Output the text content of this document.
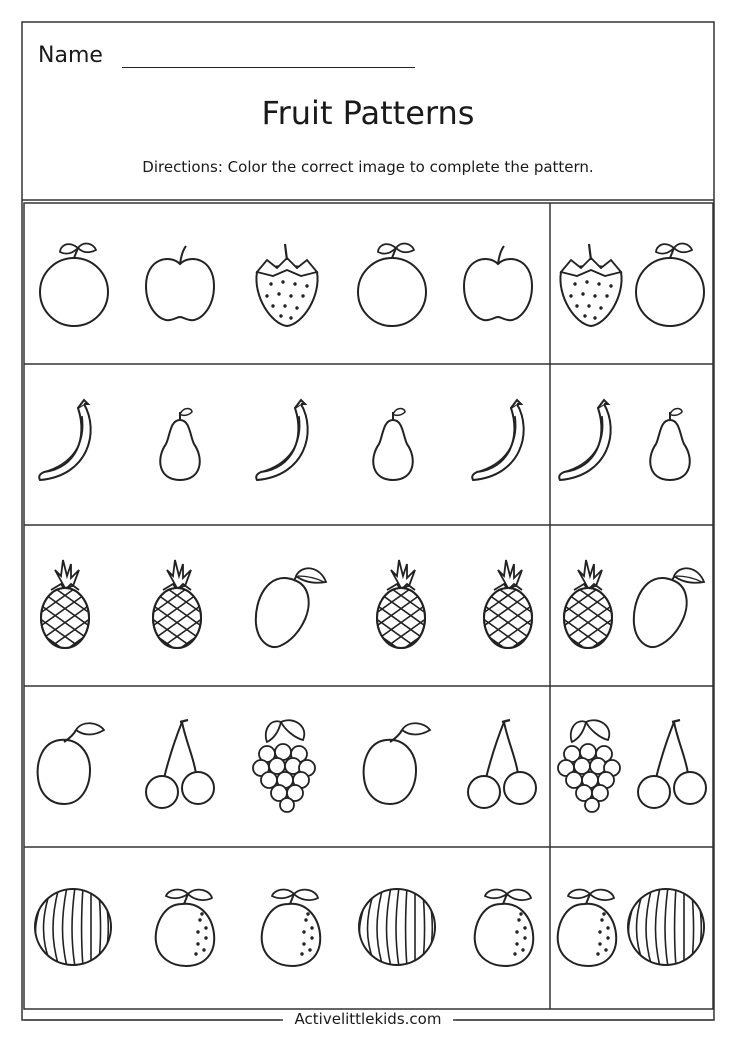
Name
Fruit Patterns
Directions: Color the correct image to complete the pattern.
Activelittlekids.com
